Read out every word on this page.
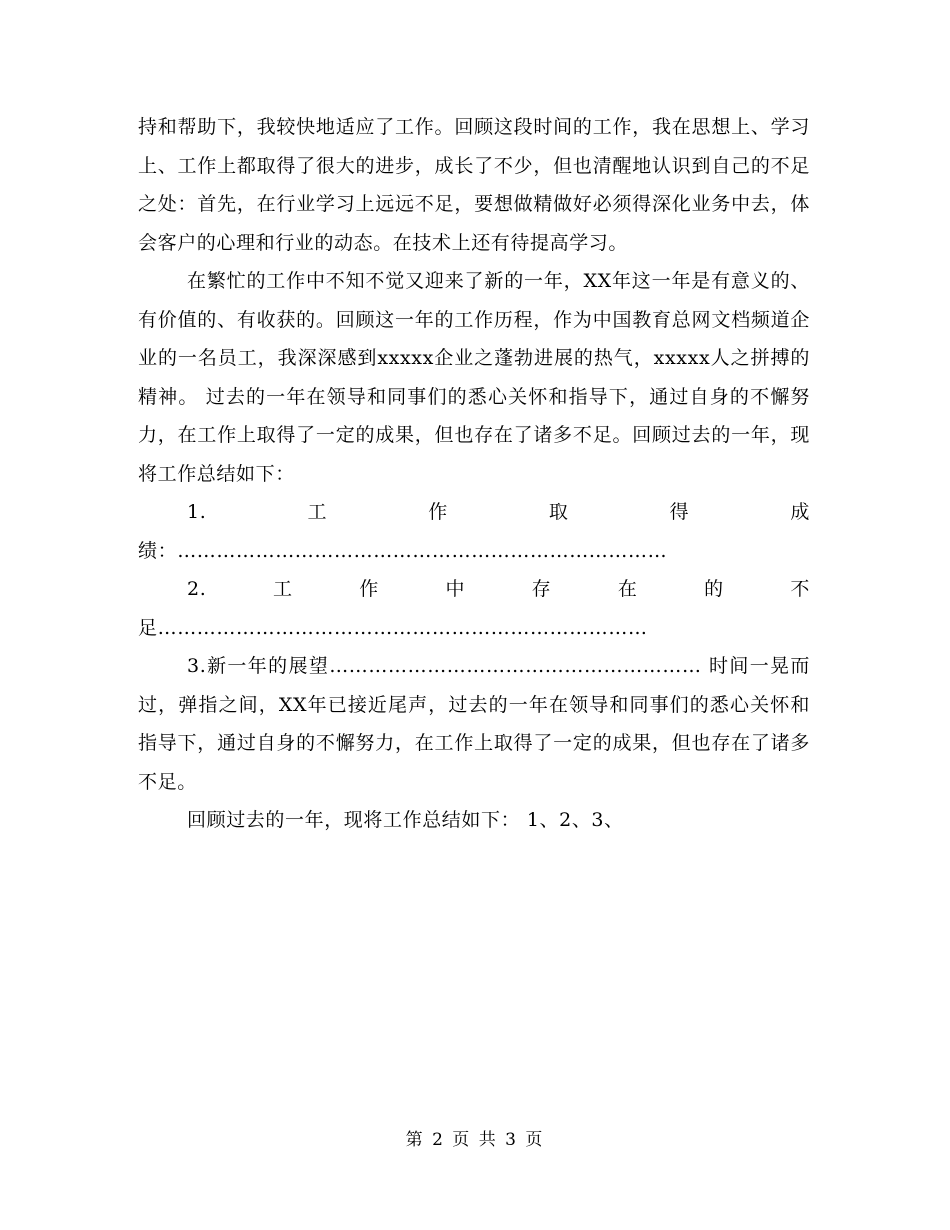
持和帮助下，我较快地适应了工作。回顾这段时间的工作，我在思想上、学习上、工作上都取得了很大的进步，成长了不少，但也清醒地认识到自己的不足之处：首先，在行业学习上远远不足，要想做精做好必须得深化业务中去，体会客户的心理和行业的动态。在技术上还有待提高学习。

在繁忙的工作中不知不觉又迎来了新的一年，XX年这一年是有意义的、有价值的、有收获的。回顾这一年的工作历程，作为中国教育总网文档频道企业的一名员工，我深深感到xxxxx企业之蓬勃进展的热气，xxxxx人之拼搏的精神。 过去的一年在领导和同事们的悉心关怀和指导下，通过自身的不懈努力，在工作上取得了一定的成果，但也存在了诸多不足。回顾过去的一年，现将工作总结如下：

1.工作取得成绩：…………………………………………………………………

2.工作中存在的不足…………………………………………………………………

3.新一年的展望………………………………………………… 时间一晃而过，弹指之间，XX年已接近尾声，过去的一年在领导和同事们的悉心关怀和指导下，通过自身的不懈努力，在工作上取得了一定的成果，但也存在了诸多不足。

回顾过去的一年，现将工作总结如下： 1、2、3、

第 2 页 共 3 页
